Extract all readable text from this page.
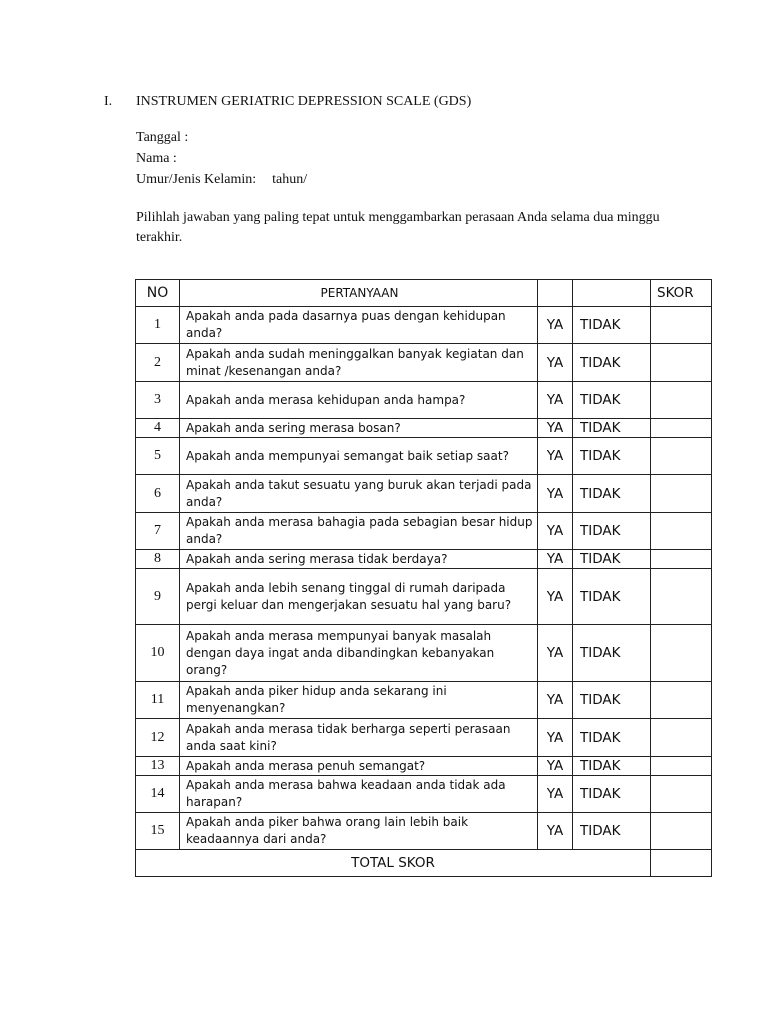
I. INSTRUMEN GERIATRIC DEPRESSION SCALE (GDS)
Tanggal :
Nama :
Umur/Jenis Kelamin: tahun/
Pilihlah jawaban yang paling tepat untuk menggambarkan perasaan Anda selama dua minggu terakhir.
NO	PERTANYAAN			SKOR
1	Apakah anda pada dasarnya puas dengan kehidupan anda?	YA	TIDAK	
2	Apakah anda sudah meninggalkan banyak kegiatan dan minat /kesenangan anda?	YA	TIDAK	
3	Apakah anda merasa kehidupan anda hampa?	YA	TIDAK	
4	Apakah anda sering merasa bosan?	YA	TIDAK	
5	Apakah anda mempunyai semangat baik setiap saat?	YA	TIDAK	
6	Apakah anda takut sesuatu yang buruk akan terjadi pada anda?	YA	TIDAK	
7	Apakah anda merasa bahagia pada sebagian besar hidup anda?	YA	TIDAK	
8	Apakah anda sering merasa tidak berdaya?	YA	TIDAK	
9	Apakah anda lebih senang tinggal di rumah daripada pergi keluar dan mengerjakan sesuatu hal yang baru?	YA	TIDAK	
10	Apakah anda merasa mempunyai banyak masalah dengan daya ingat anda dibandingkan kebanyakan orang?	YA	TIDAK	
11	Apakah anda piker hidup anda sekarang ini menyenangkan?	YA	TIDAK	
12	Apakah anda merasa tidak berharga seperti perasaan anda saat kini?	YA	TIDAK	
13	Apakah anda merasa penuh semangat?	YA	TIDAK	
14	Apakah anda merasa bahwa keadaan anda tidak ada harapan?	YA	TIDAK	
15	Apakah anda piker bahwa orang lain lebih baik keadaannya dari anda?	YA	TIDAK	
TOTAL SKOR				
